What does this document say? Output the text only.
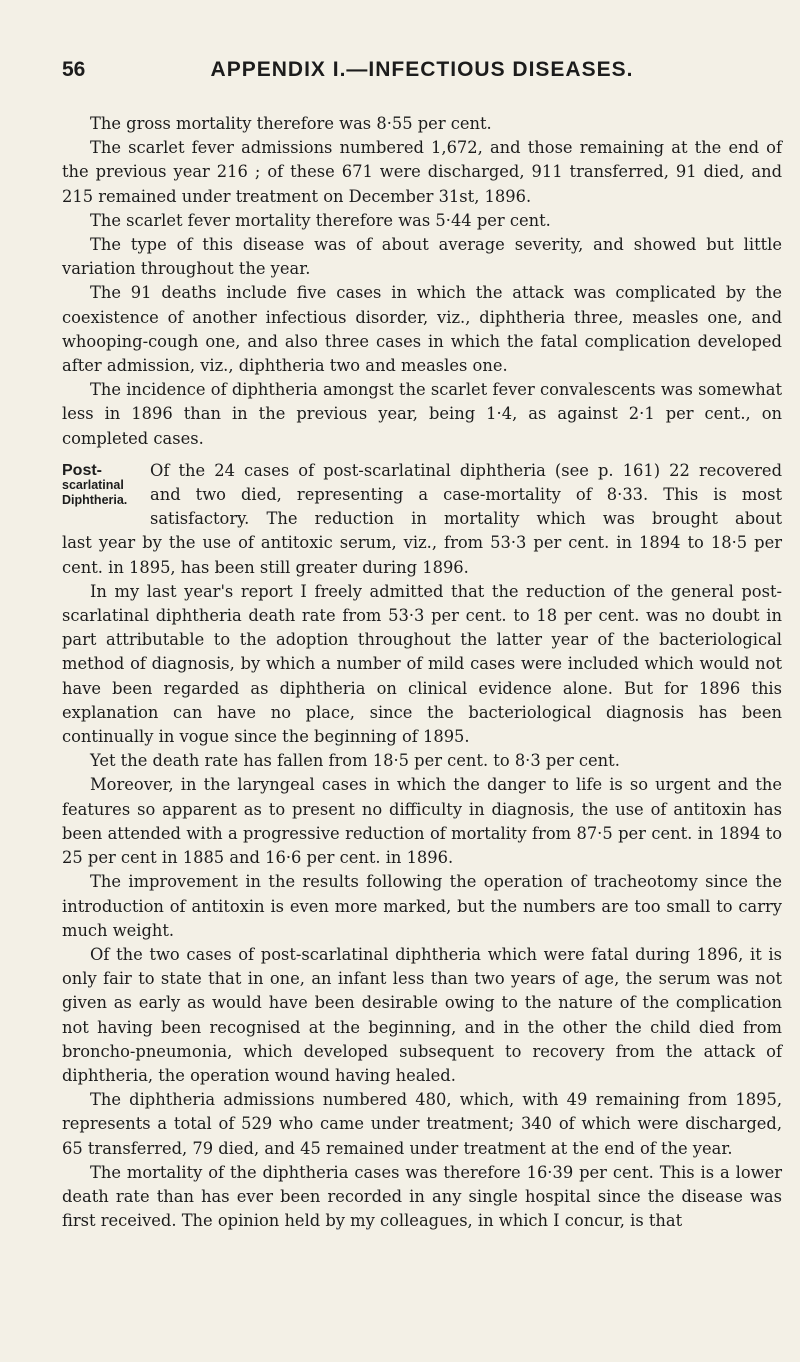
56	APPENDIX I.—INFECTIOUS DISEASES.

The gross mortality therefore was 8·55 per cent.

The scarlet fever admissions numbered 1,672, and those remaining at the end of the previous year 216 ; of these 671 were discharged, 911 transferred, 91 died, and 215 remained under treatment on December 31st, 1896.

The scarlet fever mortality therefore was 5·44 per cent.

The type of this disease was of about average severity, and showed but little variation throughout the year.

The 91 deaths include five cases in which the attack was complicated by the coexistence of another infectious disorder, viz., diphtheria three, measles one, and whooping-cough one, and also three cases in which the fatal complication developed after admission, viz., diphtheria two and measles one.

The incidence of diphtheria amongst the scarlet fever convalescents was somewhat less in 1896 than in the previous year, being 1·4, as against 2·1 per cent., on completed cases.

Post-
scarlatinal
Diphtheria.
Of the 24 cases of post-scarlatinal diphtheria (see p. 161) 22 recovered
and two died, representing a case-mortality of 8·33. This is most
satisfactory. The reduction in mortality which was brought about

last year by the use of antitoxic serum, viz., from 53·3 per cent. in 1894 to 18·5 per cent. in 1895, has been still greater during 1896.

In my last year's report I freely admitted that the reduction of the general post-scarlatinal diphtheria death rate from 53·3 per cent. to 18 per cent. was no doubt in part attributable to the adoption throughout the latter year of the bacteriological method of diagnosis, by which a number of mild cases were included which would not have been regarded as diphtheria on clinical evidence alone. But for 1896 this explanation can have no place, since the bacteriological diagnosis has been continually in vogue since the beginning of 1895.

Yet the death rate has fallen from 18·5 per cent. to 8·3 per cent.

Moreover, in the laryngeal cases in which the danger to life is so urgent and the features so apparent as to present no difficulty in diagnosis, the use of antitoxin has been attended with a progressive reduction of mortality from 87·5 per cent. in 1894 to 25 per cent in 1885 and 16·6 per cent. in 1896.

The improvement in the results following the operation of tracheotomy since the introduction of antitoxin is even more marked, but the numbers are too small to carry much weight.

Of the two cases of post-scarlatinal diphtheria which were fatal during 1896, it is only fair to state that in one, an infant less than two years of age, the serum was not given as early as would have been desirable owing to the nature of the complication not having been recognised at the beginning, and in the other the child died from broncho-pneumonia, which developed subsequent to recovery from the attack of diphtheria, the operation wound having healed.

The diphtheria admissions numbered 480, which, with 49 remaining from 1895, represents a total of 529 who came under treatment; 340 of which were discharged, 65 transferred, 79 died, and 45 remained under treatment at the end of the year.

The mortality of the diphtheria cases was therefore 16·39 per cent. This is a lower death rate than has ever been recorded in any single hospital since the disease was first received. The opinion held by my colleagues, in which I concur, is that
